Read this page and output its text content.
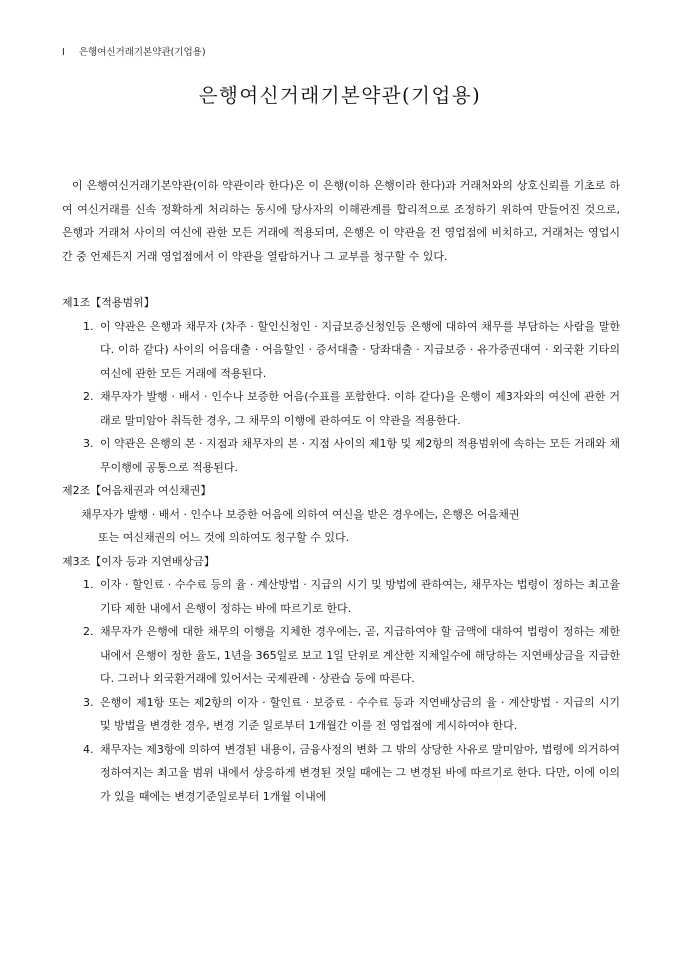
I 은행여신거래기본약관(기업용)
은행여신거래기본약관(기업용)

이 은행여신거래기본약관(이하 약관이라 한다)은 이 은행(이하 은행이라 한다)과 거래처와의 상호신뢰를 기초로 하여 여신거래를 신속 정확하게 처리하는 동시에 당사자의 이해관계를 합리적으로 조정하기 위하여 만들어진 것으로, 은행과 거래처 사이의 여신에 관한 모든 거래에 적용되며, 은행은 이 약관을 전 영업점에 비치하고, 거래처는 영업시간 중 언제든지 거래 영업점에서 이 약관을 열람하거나 그 교부를 청구할 수 있다.

제1조【적용범위】

1. 이 약관은 은행과 채무자 (차주 · 할인신청인 · 지급보증신청인등 은행에 대하여 채무를 부담하는 사람을 말한다. 이하 같다) 사이의 어음대출 · 어음할인 · 증서대출 · 당좌대출 · 지급보증 · 유가증권대여 · 외국환 기타의 여신에 관한 모든 거래에 적용된다.
2. 채무자가 발행 · 배서 · 인수나 보증한 어음(수표를 포함한다. 이하 같다)을 은행이 제3자와의 여신에 관한 거래로 말미암아 취득한 경우, 그 채무의 이행에 관하여도 이 약관을 적용한다.
3. 이 약관은 은행의 본 · 지점과 채무자의 본 · 지점 사이의 제1항 및 제2항의 적용범위에 속하는 모든 거래와 채무이행에 공통으로 적용된다.

제2조【어음채권과 여신채권】

채무자가 발행 · 배서 · 인수나 보증한 어음에 의하여 여신을 받은 경우에는, 은행은 어음채권
또는 여신채권의 어느 것에 의하여도 청구할 수 있다.

제3조【이자 등과 지연배상금】

1. 이자 · 할인료 · 수수료 등의 율 · 계산방법 · 지급의 시기 및 방법에 관하여는, 채무자는 법령이 정하는 최고율 기타 제한 내에서 은행이 정하는 바에 따르기로 한다.
2. 채무자가 은행에 대한 채무의 이행을 지체한 경우에는, 곧, 지급하여야 할 금액에 대하여 법령이 정하는 제한 내에서 은행이 정한 율도, 1년을 365일로 보고 1일 단위로 계산한 지체일수에 해당하는 지연배상금을 지급한다. 그러나 외국환거래에 있어서는 국제관례 · 상관습 등에 따른다.
3. 은행이 제1항 또는 제2항의 이자 · 할인료 · 보증료 · 수수료 등과 지연배상금의 율 · 계산방법 · 지급의 시기 및 방법을 변경한 경우, 변경 기준 일로부터 1개월간 이를 전 영업점에 게시하여야 한다.
4. 채무자는 제3항에 의하여 변경된 내용이, 금융사정의 변화 그 밖의 상당한 사유로 말미암아, 법령에 의거하여 정하여지는 최고율 범위 내에서 상응하게 변경된 것일 때에는 그 변경된 바에 따르기로 한다. 다만, 이에 이의가 있을 때에는 변경기준일로부터 1개월 이내에
